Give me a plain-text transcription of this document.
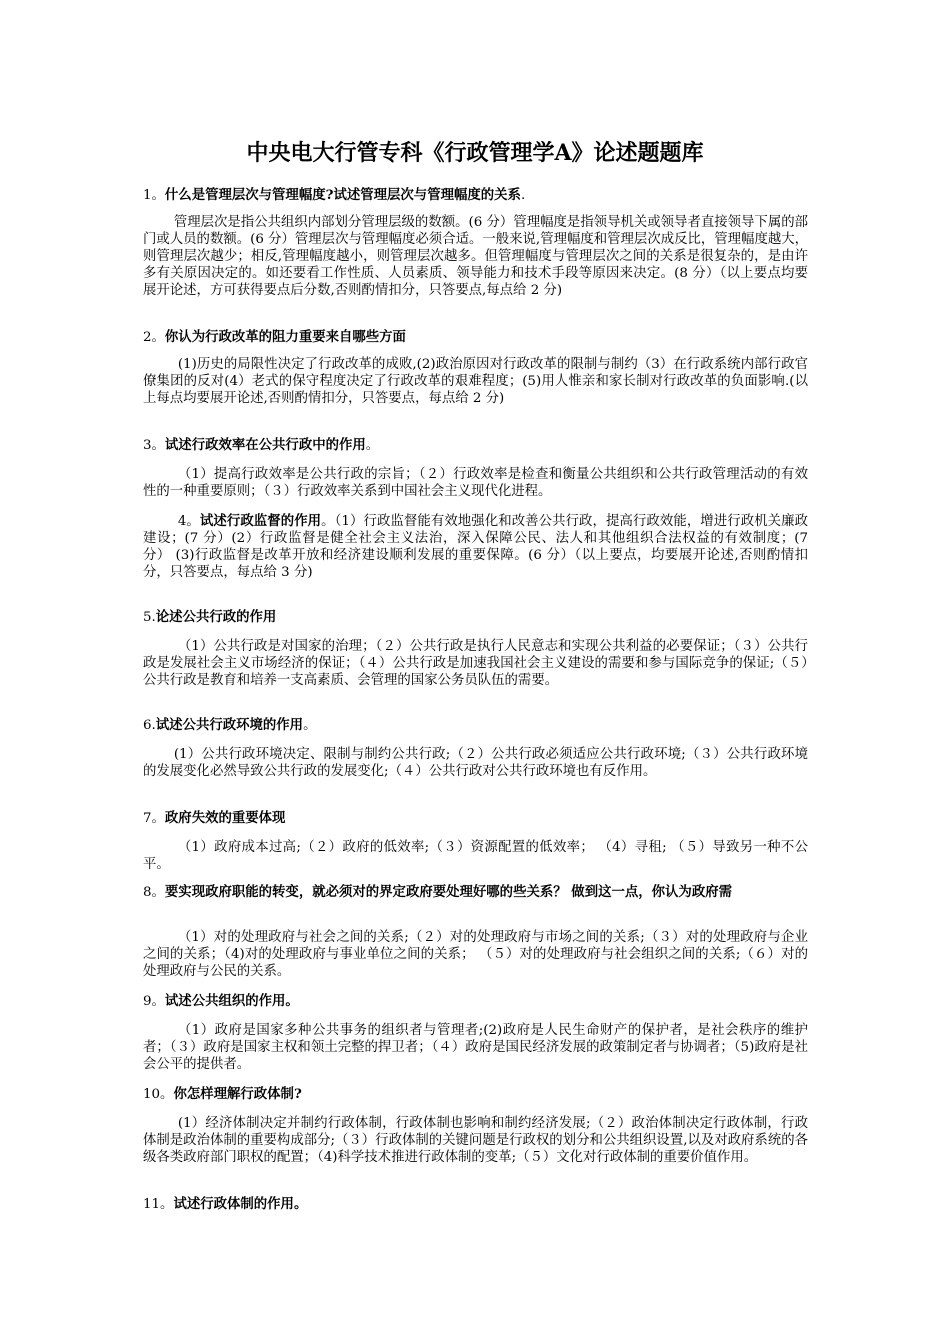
中央电大行管专科《行政管理学A》论述题题库

1。什么是管理层次与管理幅度?试述管理层次与管理幅度的关系.

管理层次是指公共组织内部划分管理层级的数额。(6 分）管理幅度是指领导机关或领导者直接领导下属的部门或人员的数额。(6 分）管理层次与管理幅度必须合适。一般来说,管理幅度和管理层次成反比，管理幅度越大，则管理层次越少；相反,管理幅度越小，则管理层次越多。但管理幅度与管理层次之间的关系是很复杂的，是由许多有关原因决定的。如还要看工作性质、人员素质、领导能力和技术手段等原因来决定。(8 分）（以上要点均要展开论述，方可获得要点后分数,否则酌情扣分，只答要点,每点给 2 分)

2。你认为行政改革的阻力重要来自哪些方面

(1)历史的局限性决定了行政改革的成败,(2)政治原因对行政改革的限制与制约（3）在行政系统内部行政官僚集团的反对(4）老式的保守程度决定了行政改革的艰难程度；(5)用人惟亲和家长制对行政改革的负面影响.(以上每点均要展开论述,否则酌情扣分，只答要点，每点给 2 分)

3。试述行政效率在公共行政中的作用。

（1）提高行政效率是公共行政的宗旨；（２）行政效率是检查和衡量公共组织和公共行政管理活动的有效性的一种重要原则；（３）行政效率关系到中国社会主义现代化进程。

4。试述行政监督的作用。（1）行政监督能有效地强化和改善公共行政，提高行政效能，增进行政机关廉政建设；(7 分）(2）行政监督是健全社会主义法治，深入保障公民、法人和其他组织合法权益的有效制度；(7 分） (3)行政监督是改革开放和经济建设顺利发展的重要保障。(6 分）（以上要点，均要展开论述,否则酌情扣分，只答要点，每点给 3 分)

5.论述公共行政的作用

（1）公共行政是对国家的治理；（２）公共行政是执行人民意志和实现公共利益的必要保证；（３）公共行政是发展社会主义市场经济的保证；（４）公共行政是加速我国社会主义建设的需要和参与国际竞争的保证;（５）公共行政是教育和培养一支高素质、会管理的国家公务员队伍的需要。

6.试述公共行政环境的作用。

(1）公共行政环境决定、限制与制约公共行政;（２）公共行政必须适应公共行政环境;（３）公共行政环境的发展变化必然导致公共行政的发展变化;（４）公共行政对公共行政环境也有反作用。

7。政府失效的重要体现

（1）政府成本过高;（２）政府的低效率;（３）资源配置的低效率； （4）寻租; （５）导致另一种不公平。

8。要实现政府职能的转变，就必须对的界定政府要处理好哪的些关系？ 做到这一点，你认为政府需

（1）对的处理政府与社会之间的关系;（２）对的处理政府与市场之间的关系;（３）对的处理政府与企业之间的关系；（4)对的处理政府与事业单位之间的关系； （５）对的处理政府与社会组织之间的关系;（６）对的处理政府与公民的关系。

9。试述公共组织的作用。

（1）政府是国家多种公共事务的组织者与管理者;(2)政府是人民生命财产的保护者，是社会秩序的维护者；（３）政府是国家主权和领土完整的捍卫者；（４）政府是国民经济发展的政策制定者与协调者；（5)政府是社会公平的提供者。

10。你怎样理解行政体制?

(1）经济体制决定并制约行政体制，行政体制也影响和制约经济发展;（２）政治体制决定行政体制，行政体制是政治体制的重要构成部分;（３）行政体制的关键问题是行政权的划分和公共组织设置,以及对政府系统的各级各类政府部门职权的配置；（4)科学技术推进行政体制的变革;（５）文化对行政体制的重要价值作用。

11。试述行政体制的作用。
